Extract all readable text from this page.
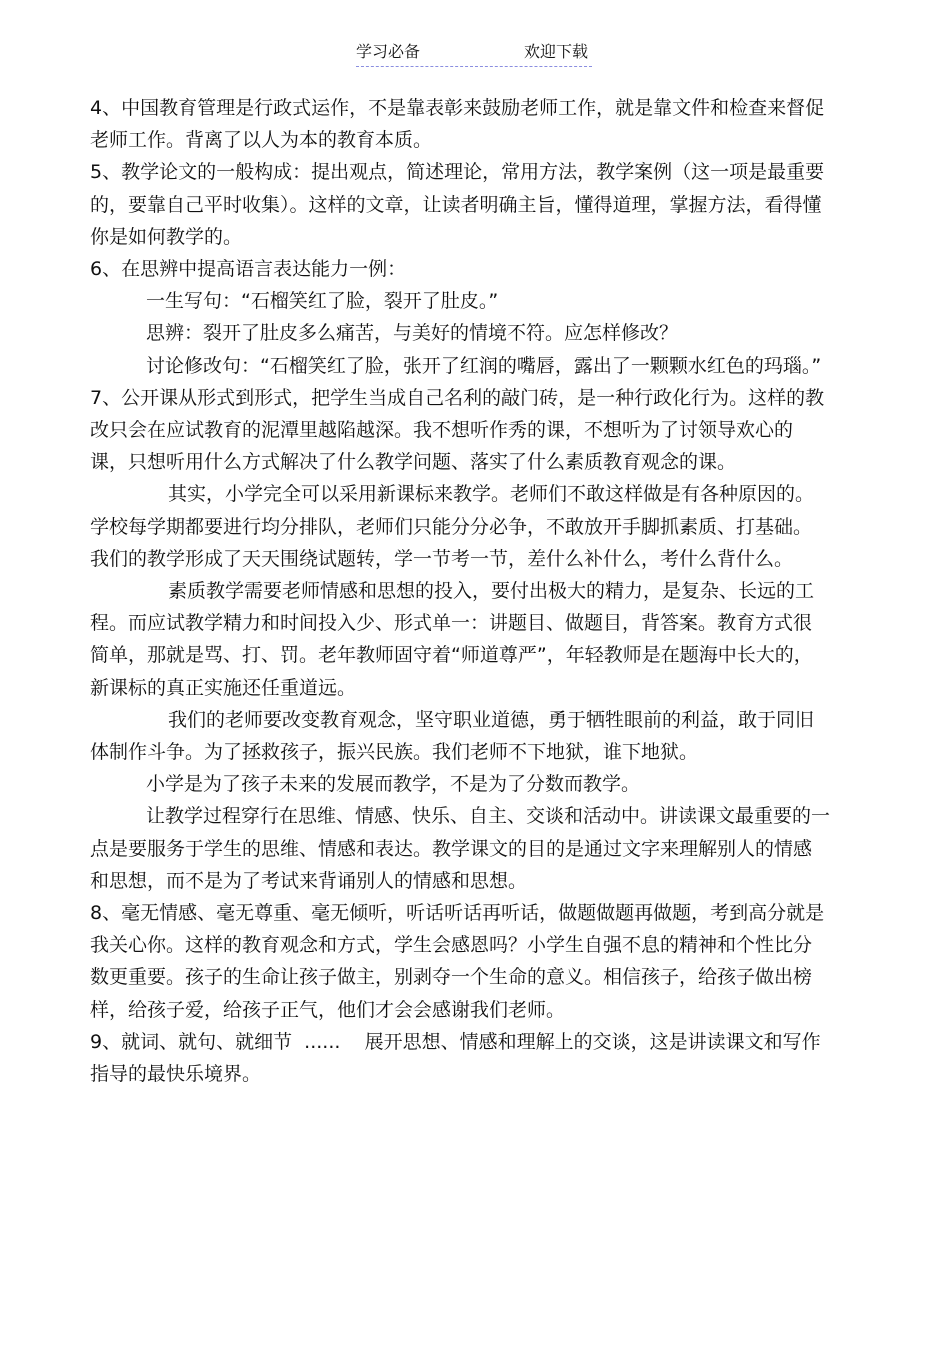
学习必备	欢迎下载

4、中国教育管理是行政式运作，不是靠表彰来鼓励老师工作，就是靠文件和检查来督促老师工作。背离了以人为本的教育本质。

5、教学论文的一般构成：提出观点，简述理论，常用方法，教学案例（这一项是最重要的，要靠自己平时收集）。这样的文章，让读者明确主旨，懂得道理，掌握方法，看得懂你是如何教学的。

6、在思辨中提高语言表达能力一例：

一生写句：“石榴笑红了脸，裂开了肚皮。”

思辨：裂开了肚皮多么痛苦，与美好的情境不符。应怎样修改？

讨论修改句：“石榴笑红了脸，张开了红润的嘴唇，露出了一颗颗水红色的玛瑙。”

7、公开课从形式到形式，把学生当成自己名利的敲门砖，是一种行政化行为。这样的教改只会在应试教育的泥潭里越陷越深。我不想听作秀的课，不想听为了讨领导欢心的课，只想听用什么方式解决了什么教学问题、落实了什么素质教育观念的课。

其实，小学完全可以采用新课标来教学。老师们不敢这样做是有各种原因的。学校每学期都要进行均分排队，老师们只能分分必争，不敢放开手脚抓素质、打基础。我们的教学形成了天天围绕试题转，学一节考一节，差什么补什么，考什么背什么。

素质教学需要老师情感和思想的投入，要付出极大的精力，是复杂、长远的工程。而应试教学精力和时间投入少、形式单一：讲题目、做题目，背答案。教育方式很简单，那就是骂、打、罚。老年教师固守着“师道尊严”，年轻教师是在题海中长大的，新课标的真正实施还任重道远。

我们的老师要改变教育观念，坚守职业道德，勇于牺牲眼前的利益，敢于同旧体制作斗争。为了拯救孩子，振兴民族。我们老师不下地狱，谁下地狱。

小学是为了孩子未来的发展而教学，不是为了分数而教学。

让教学过程穿行在思维、情感、快乐、自主、交谈和活动中。讲读课文最重要的一点是要服务于学生的思维、情感和表达。教学课文的目的是通过文字来理解别人的情感和思想，而不是为了考试来背诵别人的情感和思想。

8、毫无情感、毫无尊重、毫无倾听，听话听话再听话，做题做题再做题，考到高分就是我关心你。这样的教育观念和方式，学生会感恩吗？小学生自强不息的精神和个性比分数更重要。孩子的生命让孩子做主，别剥夺一个生命的意义。相信孩子，给孩子做出榜样，给孩子爱，给孩子正气，他们才会会感谢我们老师。

9、就词、就句、就细节  ......    展开思想、情感和理解上的交谈，这是讲读课文和写作指导的最快乐境界。
